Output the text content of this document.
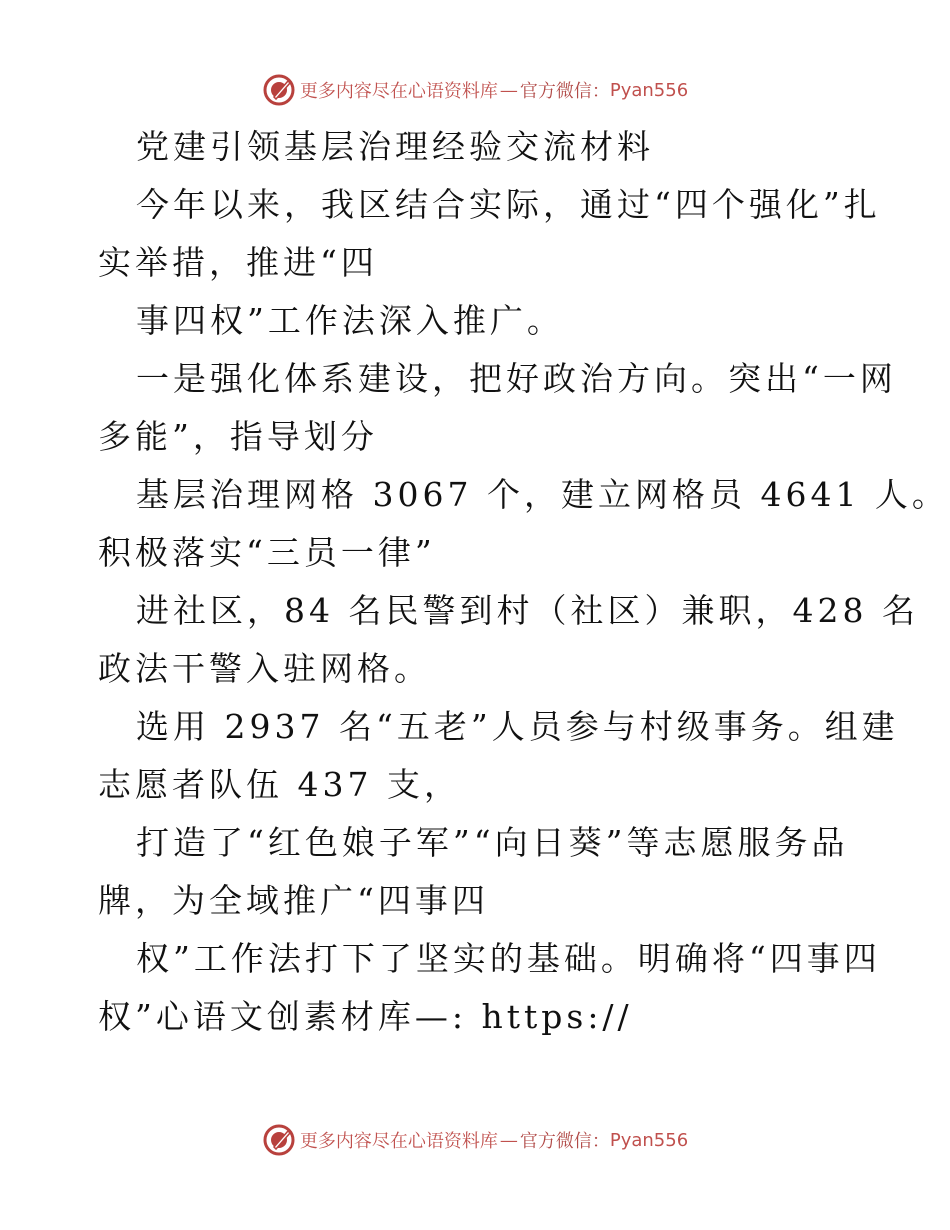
更多内容尽在心语资料库 — 官方微信 ： Pyan556
党建引领基层治理经验交流材料
今年以来，我区结合实际，通过“四个强化”扎
实举措，推进“四
事四权”工作法深入推广。
一是强化体系建设，把好政治方向。突出“一网
多能”，指导划分
基层治理网格 3067 个，建立网格员 4641 人。
积极落实“三员一律”
进社区，84 名民警到村（社区）兼职，428 名
政法干警入驻网格。
选用 2937 名“五老”人员参与村级事务。组建
志愿者队伍 437 支，
打造了“红色娘子军”“向日葵”等志愿服务品
牌，为全域推广“四事四
权”工作法打下了坚实的基础。明确将“四事四
权”心语文创素材库—: https://
更多内容尽在心语资料库 — 官方微信 ： Pyan556
